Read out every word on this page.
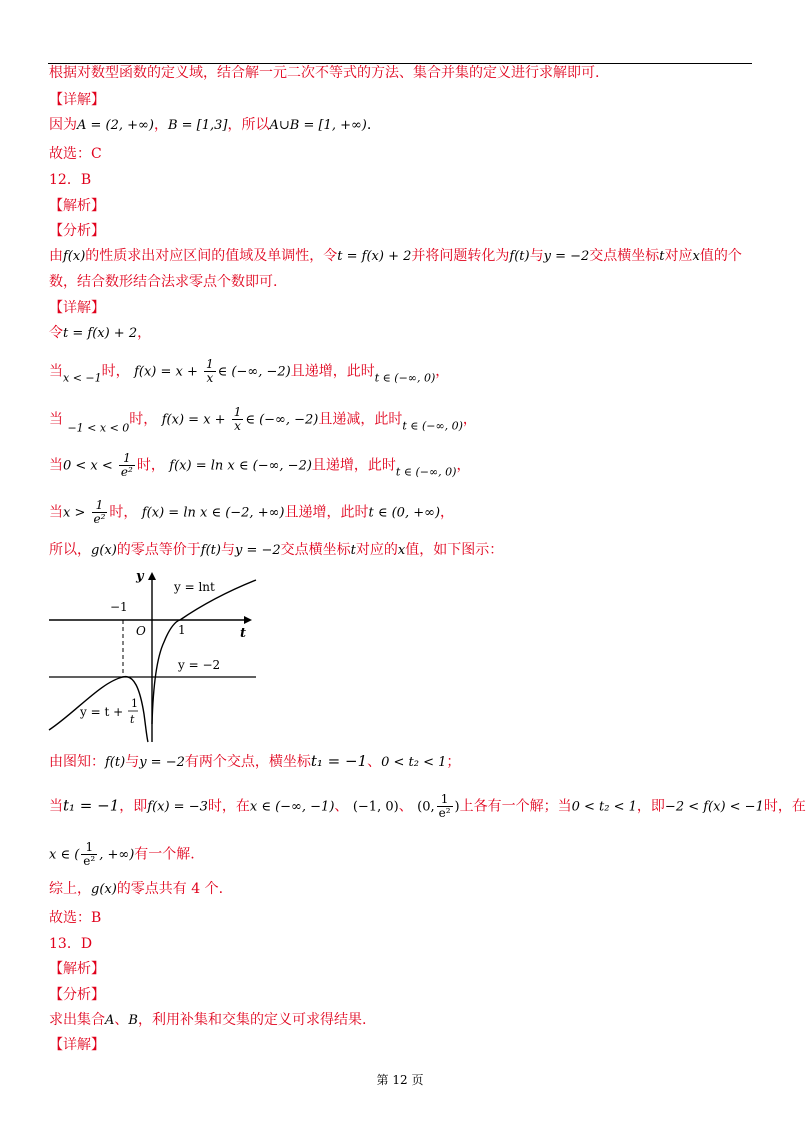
根据对数型函数的定义域，结合解一元二次不等式的方法、集合并集的定义进行求解即可.
【详解】
因为A = (2, +∞)，B = [1,3]，所以A∪B = [1, +∞).
故选：C
12．B
【解析】
【分析】
由f(x)的性质求出对应区间的值域及单调性，令t = f(x) + 2并将问题转化为f(t)与y = −2交点横坐标t对应x值的个
数，结合数形结合法求零点个数即可.
【详解】
令t = f(x) + 2，
当$_{x < -1}$时， $f(x) = x + \frac{1}{x}$ ∈ (−∞, −2)且递增，此时$_{t \in (-\infty, 0)}$，
当 $_{-1 < x < 0}$时， $f(x) = x + \frac{1}{x}$ ∈ (−∞, −2)且递减，此时$_{t \in (-\infty, 0)}$，
当$0 < x < \frac{1}{\text{e²}}$ 时， f(x) = ln x ∈ (−∞, −2)且递增，此时$_{t \in (-\infty, 0)}$，
当$x > \frac{1}{\text{e²}}$ 时， f(x) = ln x ∈ (−2, +∞)且递增，此时t ∈ (0, +∞)，
所以，g(x)的零点等价于f(t)与y = −2交点横坐标t对应的x值，如下图示：
y
t
O
−1
1
y = lnt
y = −2
y = t +
1
t
由图知：f(t)与y = −2有两个交点，横坐标t₁ = −1、0 < t₂ < 1；
当t₁ = −1，即f(x) = −3时，在x ∈ (−∞, −1)、 (−1, 0)、 (0, $\frac{1}{\text{e²}}$ )上各有一个解；当0 < t₂ < 1，即−2 < f(x) < −1时，在
x ∈ ( $\frac{1}{\text{e²}}$ , +∞)有一个解.
综上，g(x)的零点共有 4 个.
故选：B
13．D
【解析】
【分析】
求出集合A、B，利用补集和交集的定义可求得结果.
【详解】
第 12 页
